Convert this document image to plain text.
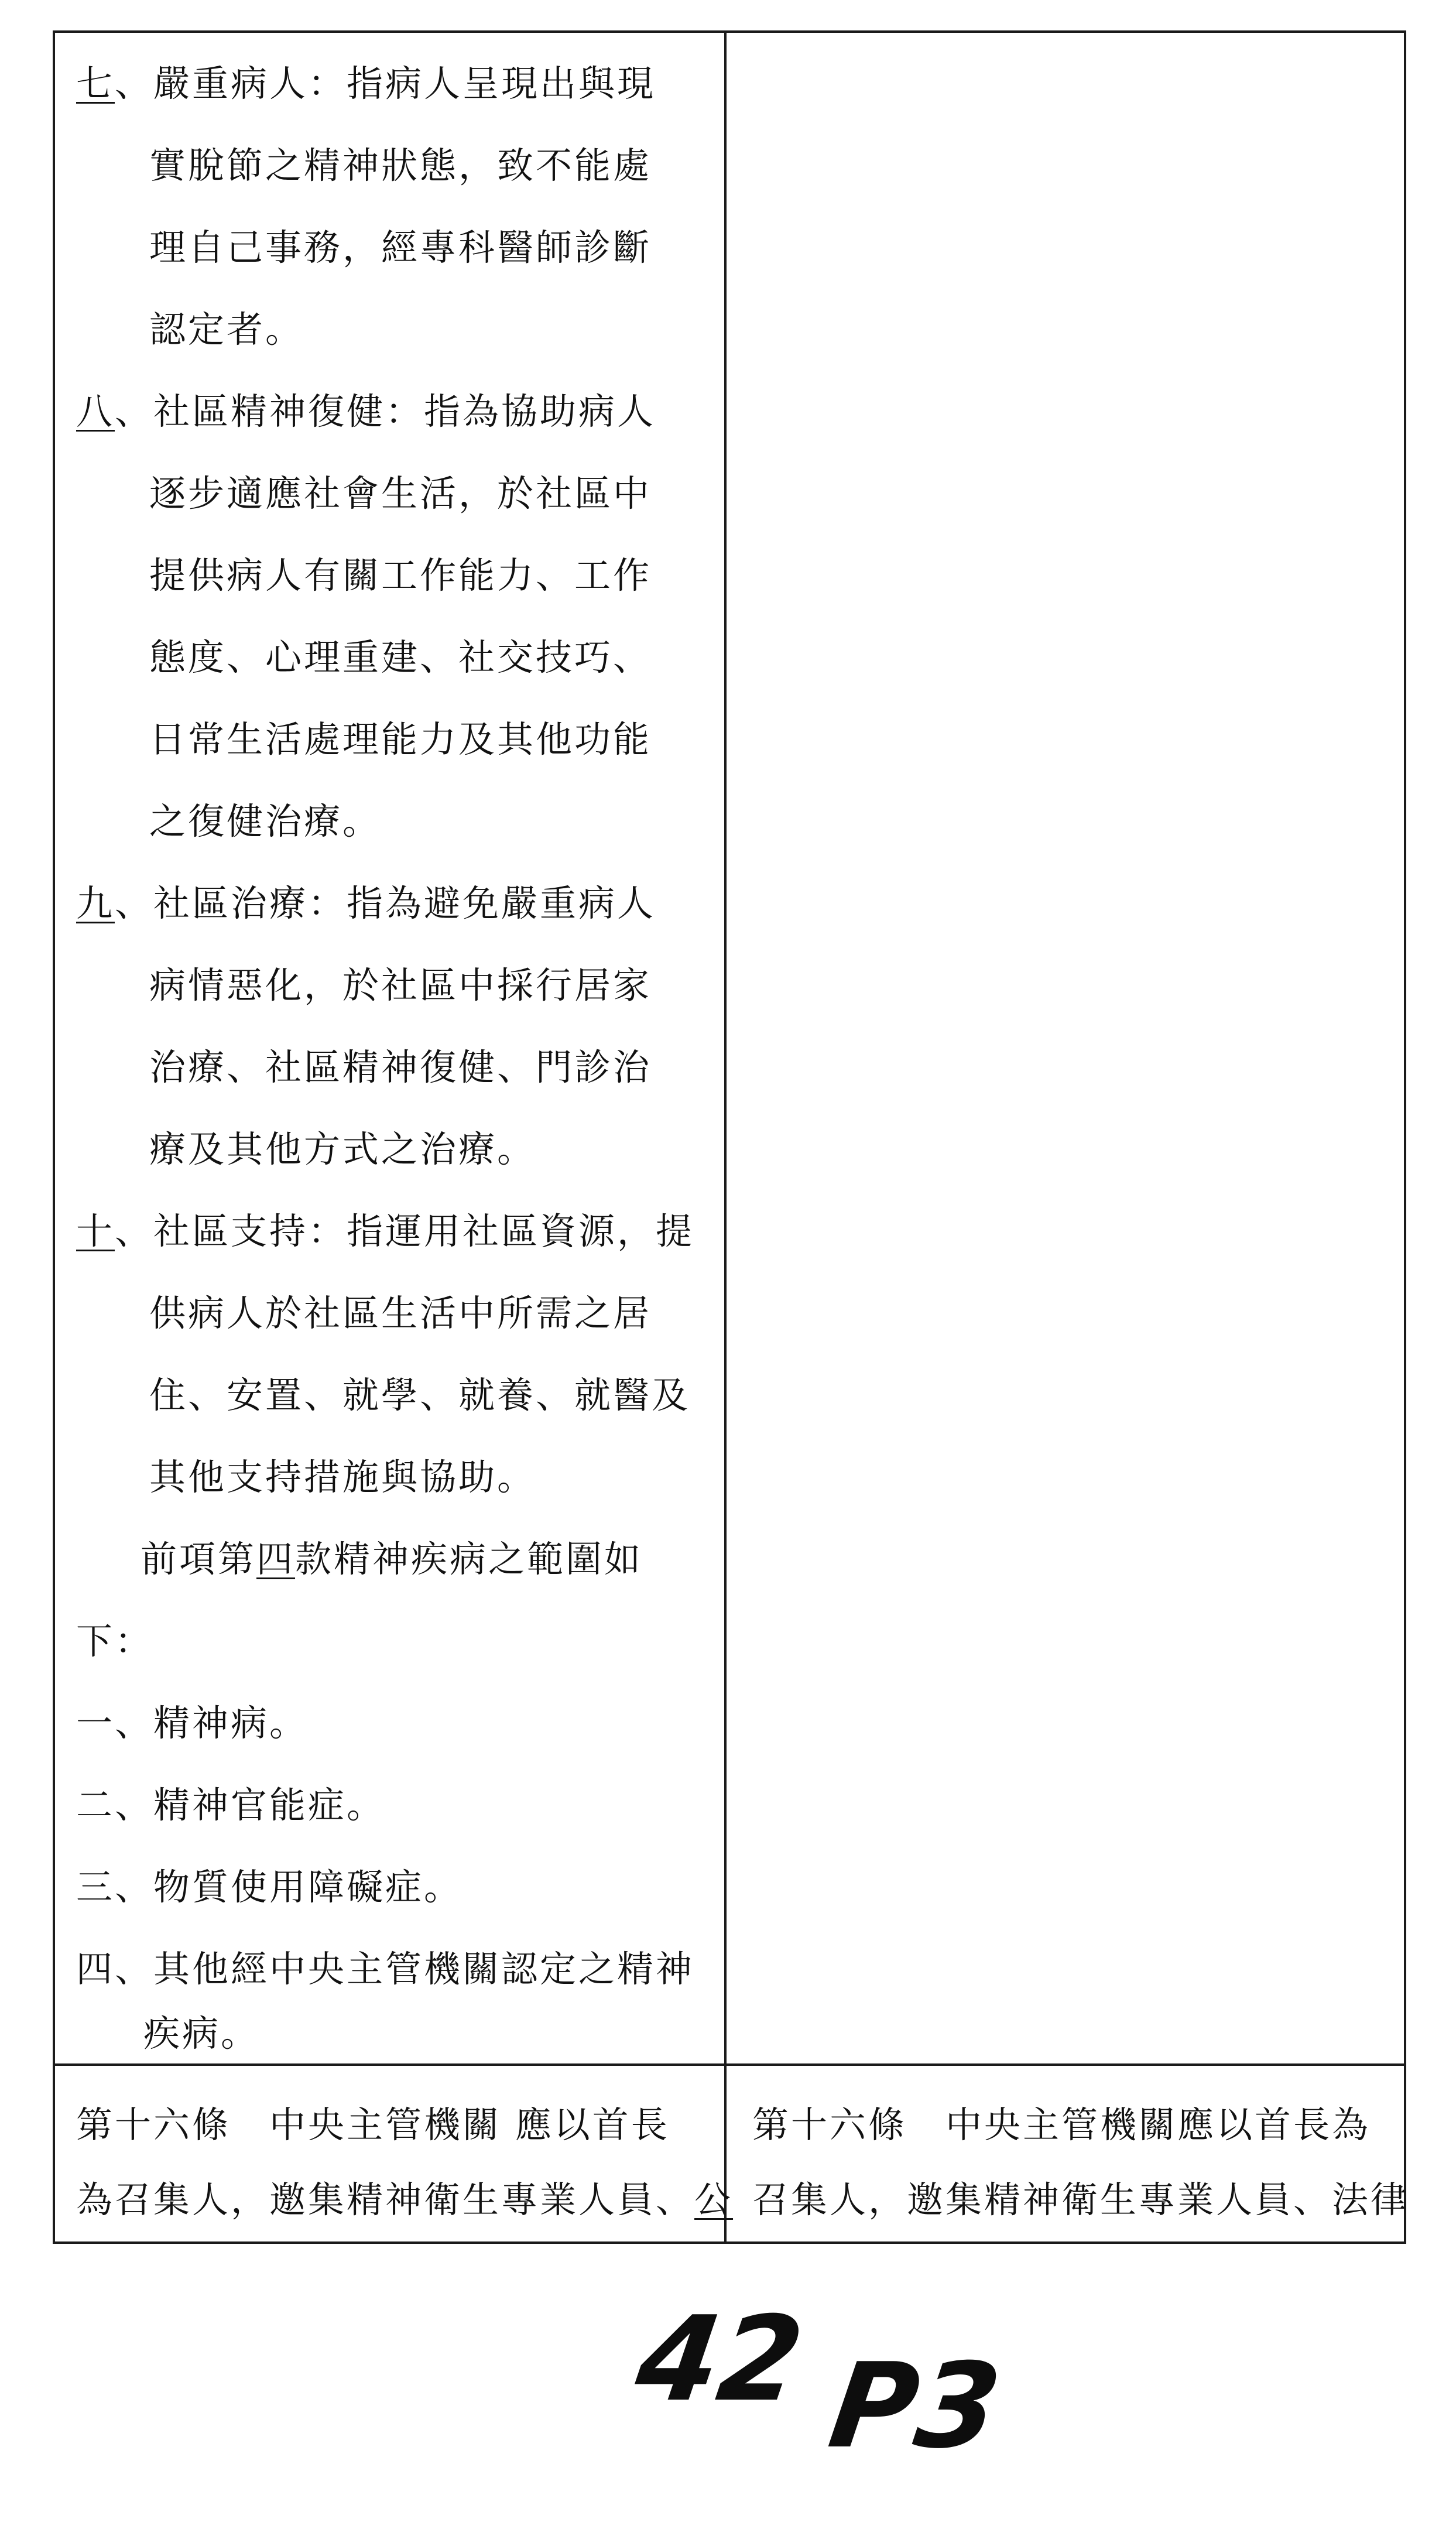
七、嚴重病人：指病人呈現出與現
實脫節之精神狀態，致不能處
理自己事務，經專科醫師診斷
認定者。
八、社區精神復健：指為協助病人
逐步適應社會生活，於社區中
提供病人有關工作能力、工作
態度、心理重建、社交技巧、
日常生活處理能力及其他功能
之復健治療。
九、社區治療：指為避免嚴重病人
病情惡化，於社區中採行居家
治療、社區精神復健、門診治
療及其他方式之治療。
十、社區支持：指運用社區資源，提
供病人於社區生活中所需之居
住、安置、就學、就養、就醫及
其他支持措施與協助。
前項第四款精神疾病之範圍如
下：
一、精神病。
二、精神官能症。
三、物質使用障礙症。
四、其他經中央主管機關認定之精神
疾病。
第十六條　中央主管機關 應以首長
為召集人，邀集精神衛生專業人員、公
第十六條　中央主管機關應以首長為
召集人，邀集精神衛生專業人員、法律
42 P3
